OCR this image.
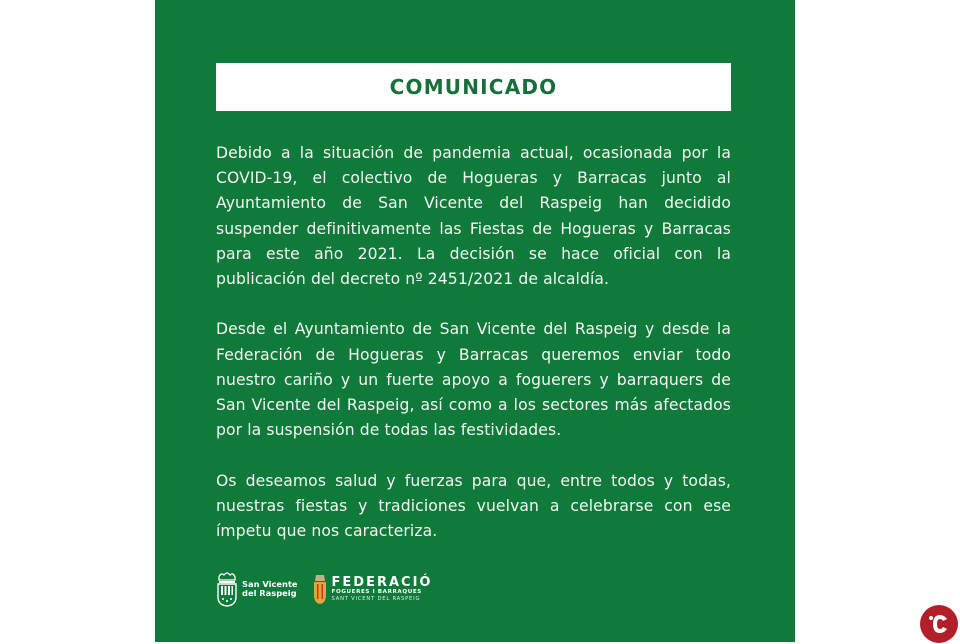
COMUNICADO

Debido a la situación de pandemia actual, ocasionada por la COVID-19, el colectivo de Hogueras y Barracas junto al Ayuntamiento de San Vicente del Raspeig han decidido suspender definitivamente las Fiestas de Hogueras y Barracas para este año 2021. La decisión se hace oficial con la publicación del decreto nº 2451/2021 de alcaldía.

Desde el Ayuntamiento de San Vicente del Raspeig y desde la Federación de Hogueras y Barracas queremos enviar todo nuestro cariño y un fuerte apoyo a foguerers y barraquers de San Vicente del Raspeig, así como a los sectores más afectados por la suspensión de todas las festividades.

Os deseamos salud y fuerzas para que, entre todos y todas, nuestras fiestas y tradiciones vuelvan a celebrarse con ese ímpetu que nos caracteriza.

San Vicente
del Raspeig
FEDERACIÓ
FOGUERES I BARRAQUES
SANT VICENT DEL RASPEIG
